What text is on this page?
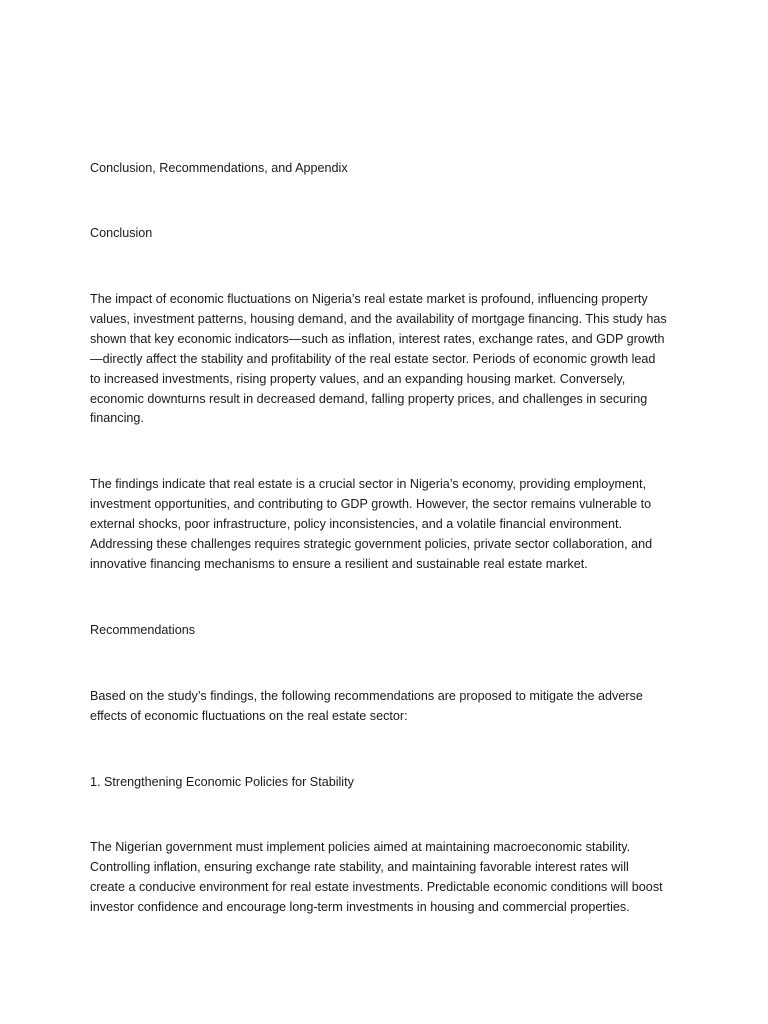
Conclusion, Recommendations, and Appendix

Conclusion

The impact of economic fluctuations on Nigeria’s real estate market is profound, influencing property
values, investment patterns, housing demand, and the availability of mortgage financing. This study has
shown that key economic indicators—such as inflation, interest rates, exchange rates, and GDP growth
—directly affect the stability and profitability of the real estate sector. Periods of economic growth lead
to increased investments, rising property values, and an expanding housing market. Conversely,
economic downturns result in decreased demand, falling property prices, and challenges in securing
financing.

The findings indicate that real estate is a crucial sector in Nigeria’s economy, providing employment,
investment opportunities, and contributing to GDP growth. However, the sector remains vulnerable to
external shocks, poor infrastructure, policy inconsistencies, and a volatile financial environment.
Addressing these challenges requires strategic government policies, private sector collaboration, and
innovative financing mechanisms to ensure a resilient and sustainable real estate market.

Recommendations

Based on the study’s findings, the following recommendations are proposed to mitigate the adverse
effects of economic fluctuations on the real estate sector:

1. Strengthening Economic Policies for Stability

The Nigerian government must implement policies aimed at maintaining macroeconomic stability.
Controlling inflation, ensuring exchange rate stability, and maintaining favorable interest rates will
create a conducive environment for real estate investments. Predictable economic conditions will boost
investor confidence and encourage long-term investments in housing and commercial properties.
